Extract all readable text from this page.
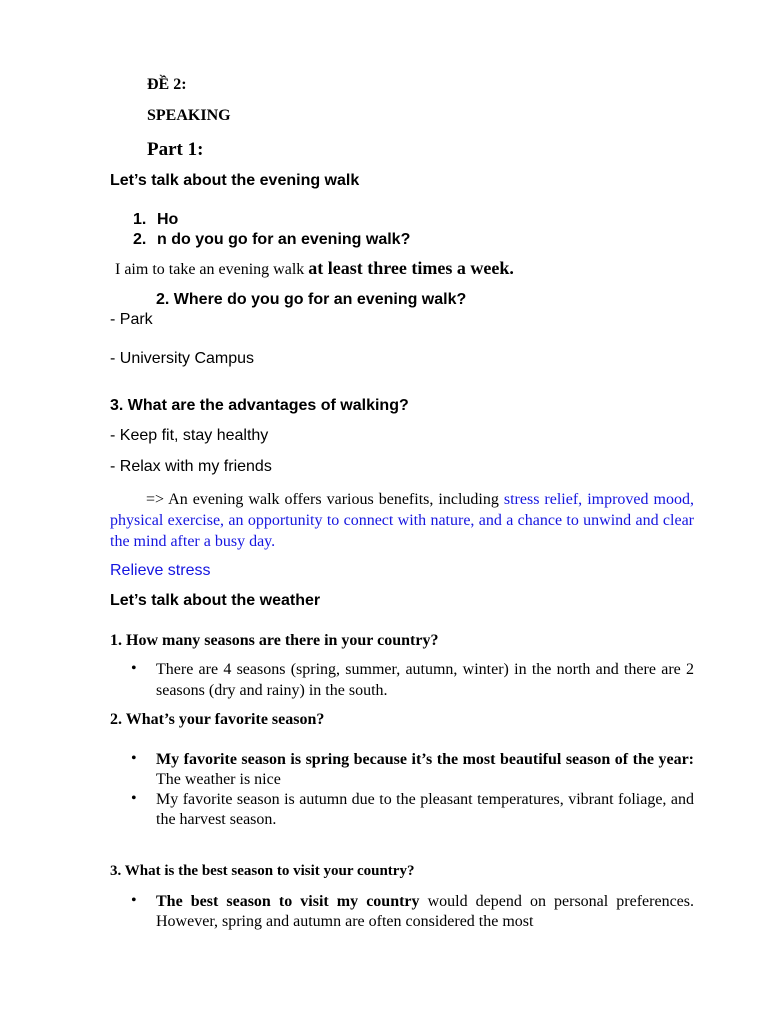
ĐỀ 2:
SPEAKING
Part 1:
Let’s talk about the evening walk
1. Ho
2. n do you go for an evening walk?
I aim to take an evening walk at least three times a week.
2. Where do you go for an evening walk?
- Park
- University Campus
3. What are the advantages of walking?
- Keep fit, stay healthy
- Relax with my friends
=> An evening walk offers various benefits, including stress relief, improved mood, physical exercise, an opportunity to connect with nature, and a chance to unwind and clear the mind after a busy day.
Relieve stress
Let’s talk about the weather
1. How many seasons are there in your country?
• There are 4 seasons (spring, summer, autumn, winter) in the north and there are 2 seasons (dry and rainy) in the south.
2. What’s your favorite season?
• My favorite season is spring because it’s the most beautiful season of the year: The weather is nice
• My favorite season is autumn due to the pleasant temperatures, vibrant foliage, and the harvest season.
3. What is the best season to visit your country?
• The best season to visit my country would depend on personal preferences. However, spring and autumn are often considered the most
